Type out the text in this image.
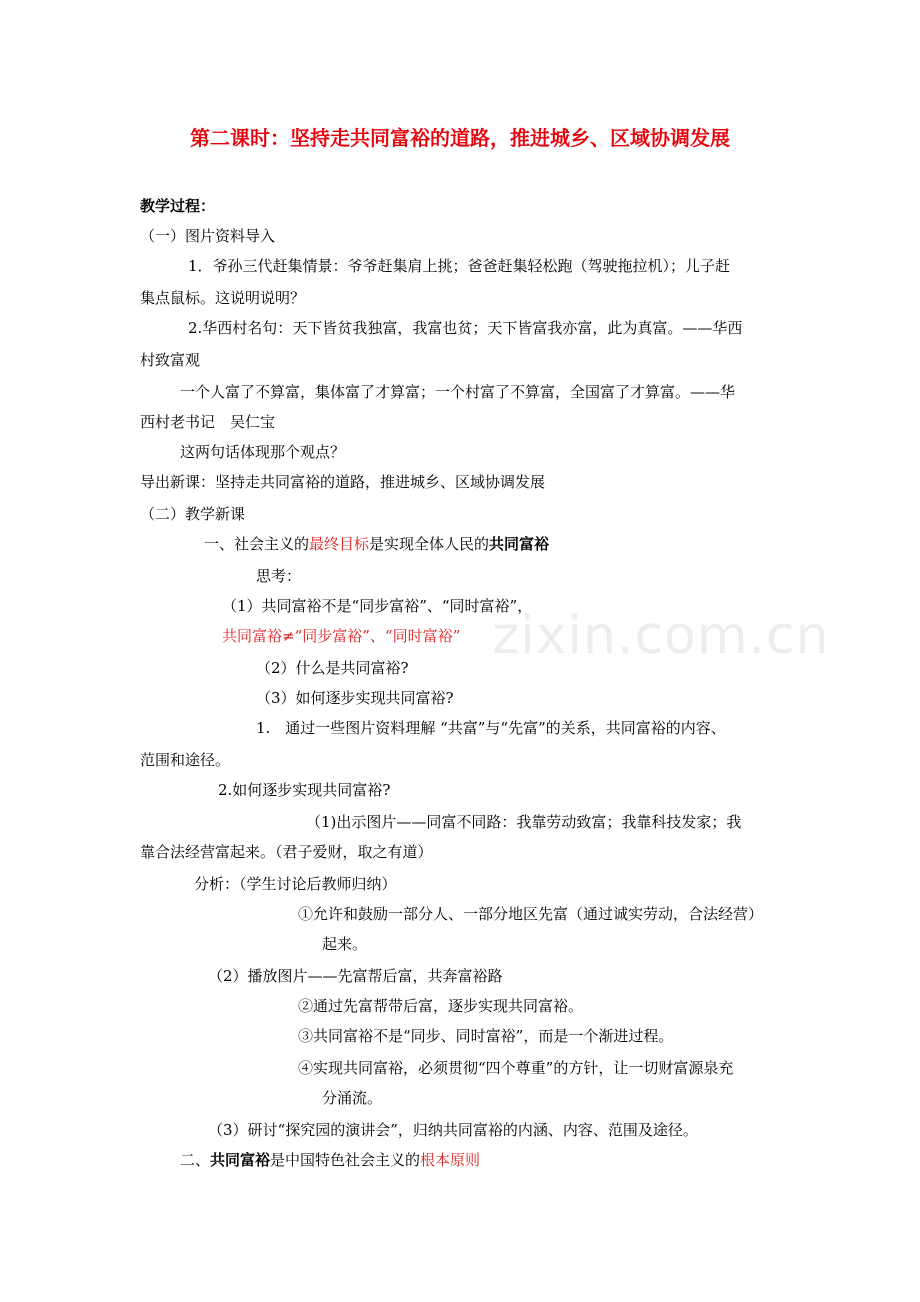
zixin.com.cn
第二课时：坚持走共同富裕的道路，推进城乡、区域协调发展
教学过程：
（一）图片资料导入
1．爷孙三代赶集情景：爷爷赶集肩上挑；爸爸赶集轻松跑（驾驶拖拉机）；儿子赶
集点鼠标。这说明说明？
2.华西村名句：天下皆贫我独富，我富也贫；天下皆富我亦富，此为真富。——华西
村致富观
一个人富了不算富，集体富了才算富；一个村富了不算富，全国富了才算富。——华
西村老书记　吴仁宝
这两句话体现那个观点？
导出新课：坚持走共同富裕的道路，推进城乡、区域协调发展
（二）教学新课
一、社会主义的最终目标是实现全体人民的共同富裕
思考：
（1）共同富裕不是“同步富裕”、“同时富裕”，
共同富裕≠“同步富裕”、“同时富裕”
（2）什么是共同富裕?
（3）如何逐步实现共同富裕?
1.　通过一些图片资料理解 “共富”与“先富”的关系，共同富裕的内容、
范围和途径。
2.如何逐步实现共同富裕?
（1)出示图片——同富不同路：我靠劳动致富；我靠科技发家；我
靠合法经营富起来。（君子爱财，取之有道）
分析：（学生讨论后教师归纳）
①允许和鼓励一部分人、一部分地区先富（通过诚实劳动，合法经营）
起来。
（2）播放图片——先富帮后富，共奔富裕路
②通过先富帮带后富，逐步实现共同富裕。
③共同富裕不是“同步、同时富裕”，而是一个渐进过程。
④实现共同富裕，必须贯彻“四个尊重”的方针，让一切财富源泉充
分涌流。
（3）研讨“探究园的演讲会”，归纳共同富裕的内涵、内容、范围及途径。
二、共同富裕是中国特色社会主义的根本原则
